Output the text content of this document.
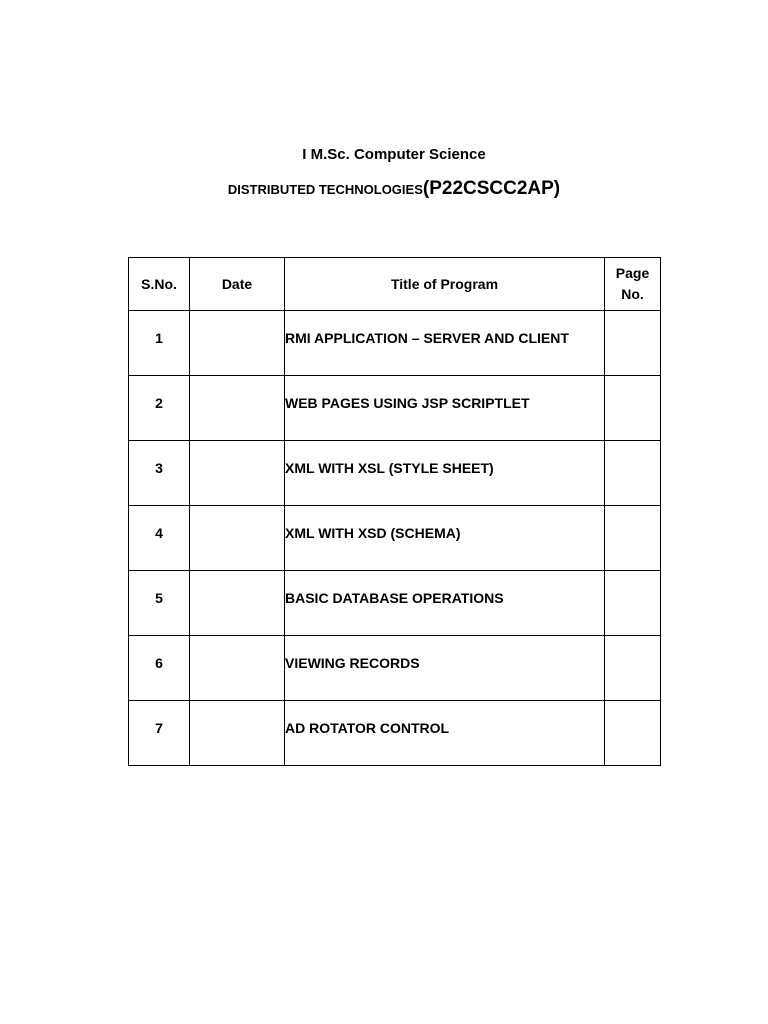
I M.Sc. Computer Science
DISTRIBUTED TECHNOLOGIES(P22CSCC2AP)
S.No.	Date	Title of Program	Page No.
1		RMI APPLICATION – SERVER AND CLIENT	
2		WEB PAGES USING JSP SCRIPTLET	
3		XML WITH XSL (STYLE SHEET)	
4		XML WITH XSD (SCHEMA)	
5		BASIC DATABASE OPERATIONS	
6		VIEWING RECORDS	
7		AD ROTATOR CONTROL	
